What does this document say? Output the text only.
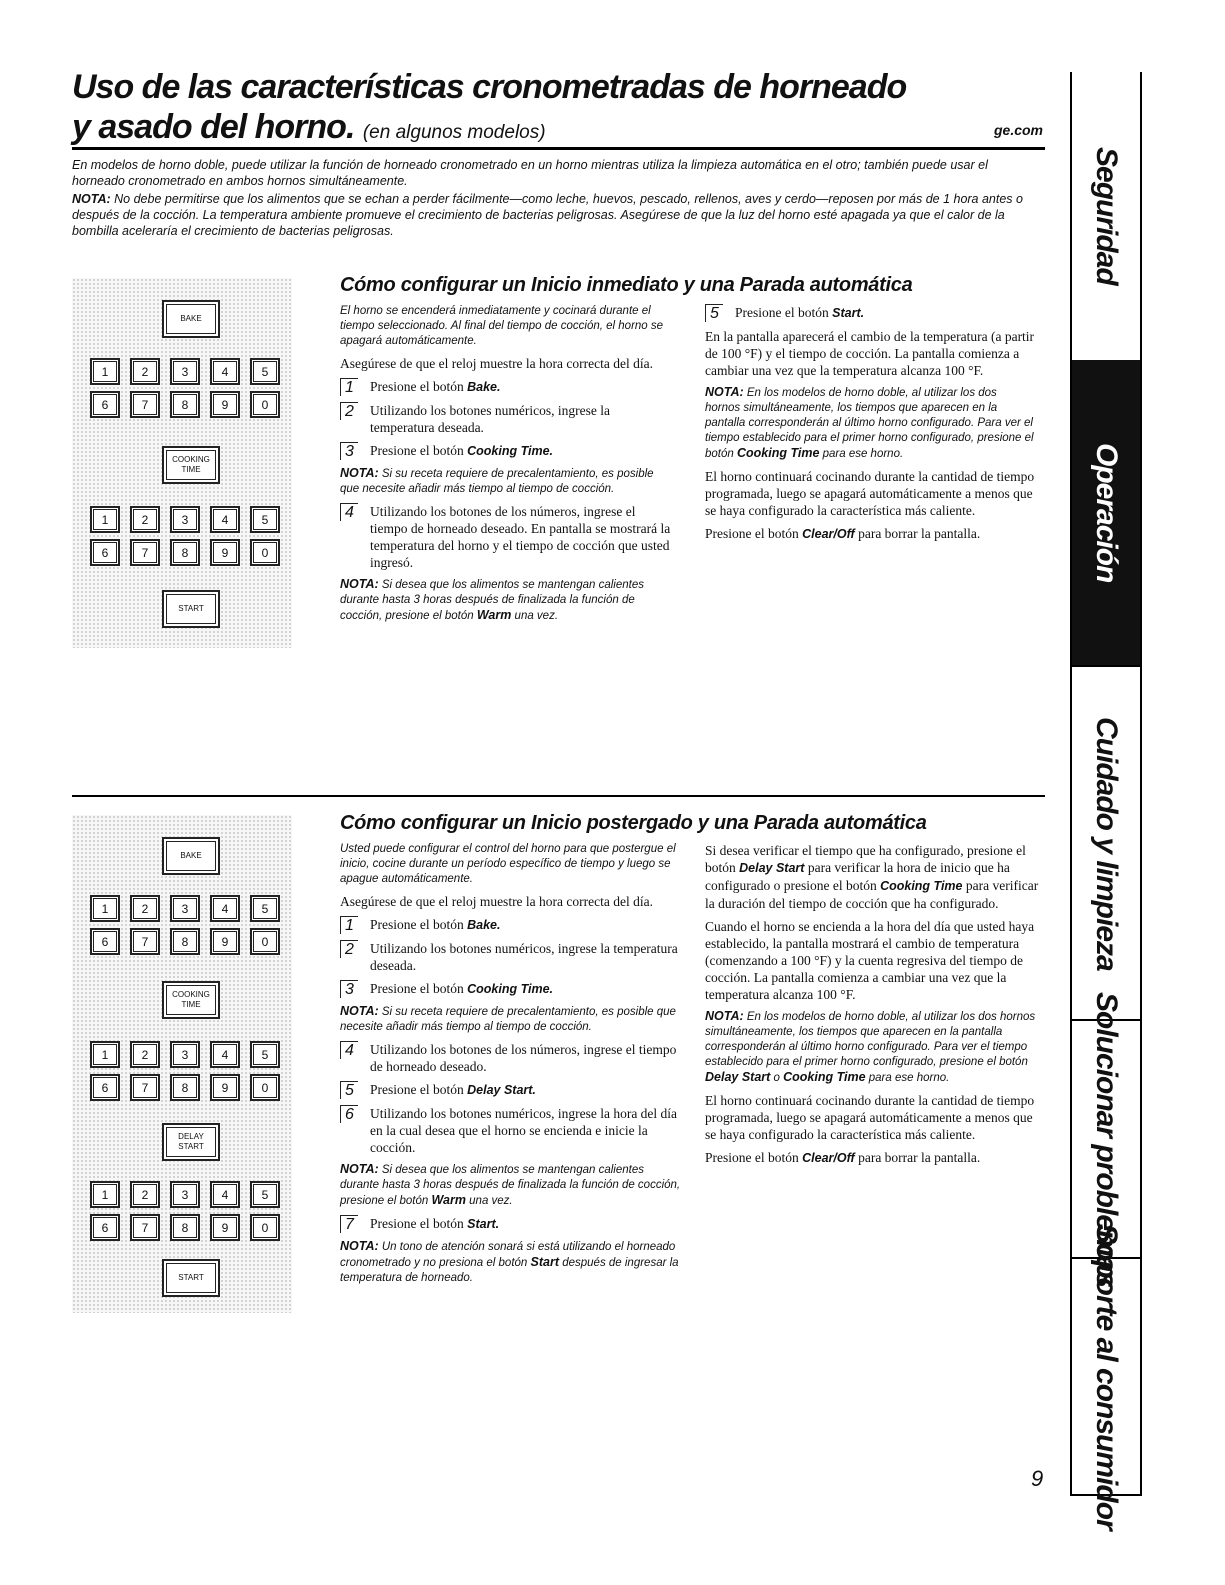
Uso de las características cronometradas de horneado
y asado del horno. (en algunos modelos)	ge.com

En modelos de horno doble, puede utilizar la función de horneado cronometrado en un horno mientras utiliza la limpieza automática en el otro; también puede usar el horneado cronometrado en ambos hornos simultáneamente.

NOTA: No debe permitirse que los alimentos que se echan a perder fácilmente—como leche, huevos, pescado, rellenos, aves y cerdo—reposen por más de 1 hora antes o después de la cocción. La temperatura ambiente promueve el crecimiento de bacterias peligrosas. Asegúrese de que la luz del horno esté apagada ya que el calor de la bombilla aceleraría el crecimiento de bacterias peligrosas.

BAKE
1	2	3	4	5
6	7	8	9	0
COOKING TIME
1	2	3	4	5
6	7	8	9	0
START
Cómo configurar un Inicio inmediato y una Parada automática

El horno se encenderá inmediatamente y cocinará durante el tiempo seleccionado. Al final del tiempo de cocción, el horno se apagará automáticamente.

Asegúrese de que el reloj muestre la hora correcta del día.

1 Presione el botón Bake.
2 Utilizando los botones numéricos, ingrese la temperatura deseada.
3 Presione el botón Cooking Time.

NOTA: Si su receta requiere de precalentamiento, es posible que necesite añadir más tiempo al tiempo de cocción.

4 Utilizando los botones de los números, ingrese el tiempo de horneado deseado. En pantalla se mostrará la temperatura del horno y el tiempo de cocción que usted ingresó.

NOTA: Si desea que los alimentos se mantengan calientes durante hasta 3 horas después de finalizada la función de cocción, presione el botón Warm una vez.

5 Presione el botón Start.

En la pantalla aparecerá el cambio de la temperatura (a partir de 100 °F) y el tiempo de cocción. La pantalla comienza a cambiar una vez que la temperatura alcanza 100 °F.

NOTA: En los modelos de horno doble, al utilizar los dos hornos simultáneamente, los tiempos que aparecen en la pantalla corresponderán al último horno configurado. Para ver el tiempo establecido para el primer horno configurado, presione el botón Cooking Time para ese horno.

El horno continuará cocinando durante la cantidad de tiempo programada, luego se apagará automáticamente a menos que se haya configurado la característica más caliente.

Presione el botón Clear/Off para borrar la pantalla.

BAKE
1	2	3	4	5
6	7	8	9	0
COOKING TIME
1	2	3	4	5
6	7	8	9	0
DELAY START
1	2	3	4	5
6	7	8	9	0
START
Cómo configurar un Inicio postergado y una Parada automática

Usted puede configurar el control del horno para que postergue el inicio, cocine durante un período específico de tiempo y luego se apague automáticamente.

Asegúrese de que el reloj muestre la hora correcta del día.

1 Presione el botón Bake.
2 Utilizando los botones numéricos, ingrese la temperatura deseada.
3 Presione el botón Cooking Time.

NOTA: Si su receta requiere de precalentamiento, es posible que necesite añadir más tiempo al tiempo de cocción.

4 Utilizando los botones de los números, ingrese el tiempo de horneado deseado.
5 Presione el botón Delay Start.
6 Utilizando los botones numéricos, ingrese la hora del día en la cual desea que el horno se encienda e inicie la cocción.

NOTA: Si desea que los alimentos se mantengan calientes durante hasta 3 horas después de finalizada la función de cocción, presione el botón Warm una vez.

7 Presione el botón Start.

NOTA: Un tono de atención sonará si está utilizando el horneado cronometrado y no presiona el botón Start después de ingresar la temperatura de horneado.

Si desea verificar el tiempo que ha configurado, presione el botón Delay Start para verificar la hora de inicio que ha configurado o presione el botón Cooking Time para verificar la duración del tiempo de cocción que ha configurado.

Cuando el horno se encienda a la hora del día que usted haya establecido, la pantalla mostrará el cambio de temperatura (comenzando a 100 °F) y la cuenta regresiva del tiempo de cocción. La pantalla comienza a cambiar una vez que la temperatura alcanza 100 °F.

NOTA: En los modelos de horno doble, al utilizar los dos hornos simultáneamente, los tiempos que aparecen en la pantalla corresponderán al último horno configurado. Para ver el tiempo establecido para el primer horno configurado, presione el botón Delay Start o Cooking Time para ese horno.

El horno continuará cocinando durante la cantidad de tiempo programada, luego se apagará automáticamente a menos que se haya configurado la característica más caliente.

Presione el botón Clear/Off para borrar la pantalla.

Seguridad
Operación
Cuidado y limpieza
Solucionar problemas
Soporte al consumidor
9
